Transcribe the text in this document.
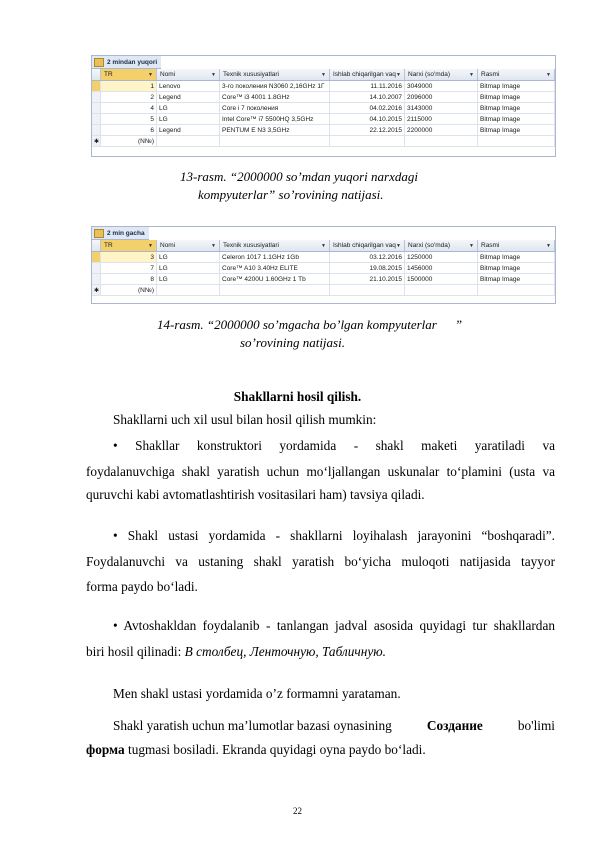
2 mindan yuqori
TR	▼ Nomi	▼ Texnik xususiyatlari	▼ Ishlab chiqarilgan vaq ▼ Narxi (so'mda)	▼ Rasmi	▼
1 Lenovo	3-го поколения N3060 2,16GHz 1Г	11.11.2016 3049000	Bitmap Image
2 Legend	Core™ i3 4001 1.8GHz	14.10.2007 2096000	Bitmap Image
4 LG	Core i 7 поколения	04.02.2016 3143000	Bitmap Image
5 LG	Intel Core™ i7 5500HQ 3,5GHz	04.10.2015 2115000	Bitmap Image
6 Legend	PENTUM E N3 3,5GHz	22.12.2015 2200000	Bitmap Image
✱	(N№)
13-rasm. “2000000 so’mdan yuqori narxdagi
kompyuterlar” so’rovining natijasi.
2 min gacha
TR	▼ Nomi	▼ Texnik xususiyatlari	▼ Ishlab chiqarilgan vaq ▼ Narxi (so'mda)	▼ Rasmi	▼
3 LG	Celeron 1017 1.1GHz 1Gb	03.12.2016 1250000	Bitmap Image
7 LG	Core™ A10 3.40Hz ELITE	19.08.2015 1456000	Bitmap Image
8 LG	Core™ 4200U 1.60GHz 1 Tb	21.10.2015 1500000	Bitmap Image
✱	(N№)
14-rasm. “2000000 so’mgacha bo’lgan kompyuterlar ”
so’rovining natijasi.
Shakllarni hosil qilish.
Shakllarni uch xil usul bilan hosil qilish mumkin:
• Shakllar konstruktori yordamida - shakl maketi yaratiladi va
foydalanuvchiga shakl yaratish uchun mo‘ljallangan uskunalar to‘plamini (usta va
quruvchi kabi avtomatlashtirish vositasilari ham) tavsiya qiladi.
• Shakl ustasi yordamida - shakllarni loyihalash jarayonini “boshqaradi”.
Foydalanuvchi va ustaning shakl yaratish bo‘yicha muloqoti natijasida tayyor
forma paydo bo‘ladi.
• Avtoshakldan foydalanib - tanlangan jadval asosida quyidagi tur shakllardan
biri hosil qilinadi: В столбец, Ленточную, Табличную.
Men shakl ustasi yordamida o’z formamni yarataman.
Shakl yaratish uchun ma’lumotlar bazasi oynasining	Создание	bo'limi
форма tugmasi bosiladi. Ekranda quyidagi oyna paydo bo‘ladi.
22
